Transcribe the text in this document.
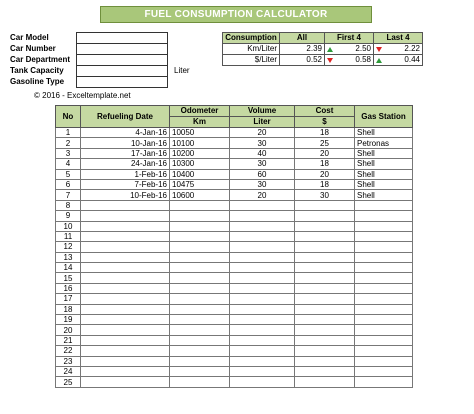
FUEL CONSUMPTION CALCULATOR
Car Model
Car Number
Car Department
Tank Capacity	Liter
Gasoline Type
© 2016 - Exceltemplate.net
Consumption	All	First 4	Last 4
Km/Liter	2.39	2.50	2.22
$/Liter	0.52	0.58	0.44
No	Refueling Date	Odometer	Volume	Cost	Gas Station
		Km	Liter	$	
1	4-Jan-16	10050	20	18	Shell
2	10-Jan-16	10100	30	25	Petronas
3	17-Jan-16	10200	40	20	Shell
4	24-Jan-16	10300	30	18	Shell
5	1-Feb-16	10400	60	20	Shell
6	7-Feb-16	10475	30	18	Shell
7	10-Feb-16	10600	20	30	Shell
8					
9					
10					
11					
12					
13					
14					
15					
16					
17					
18					
19					
20					
21					
22					
23					
24					
25					
